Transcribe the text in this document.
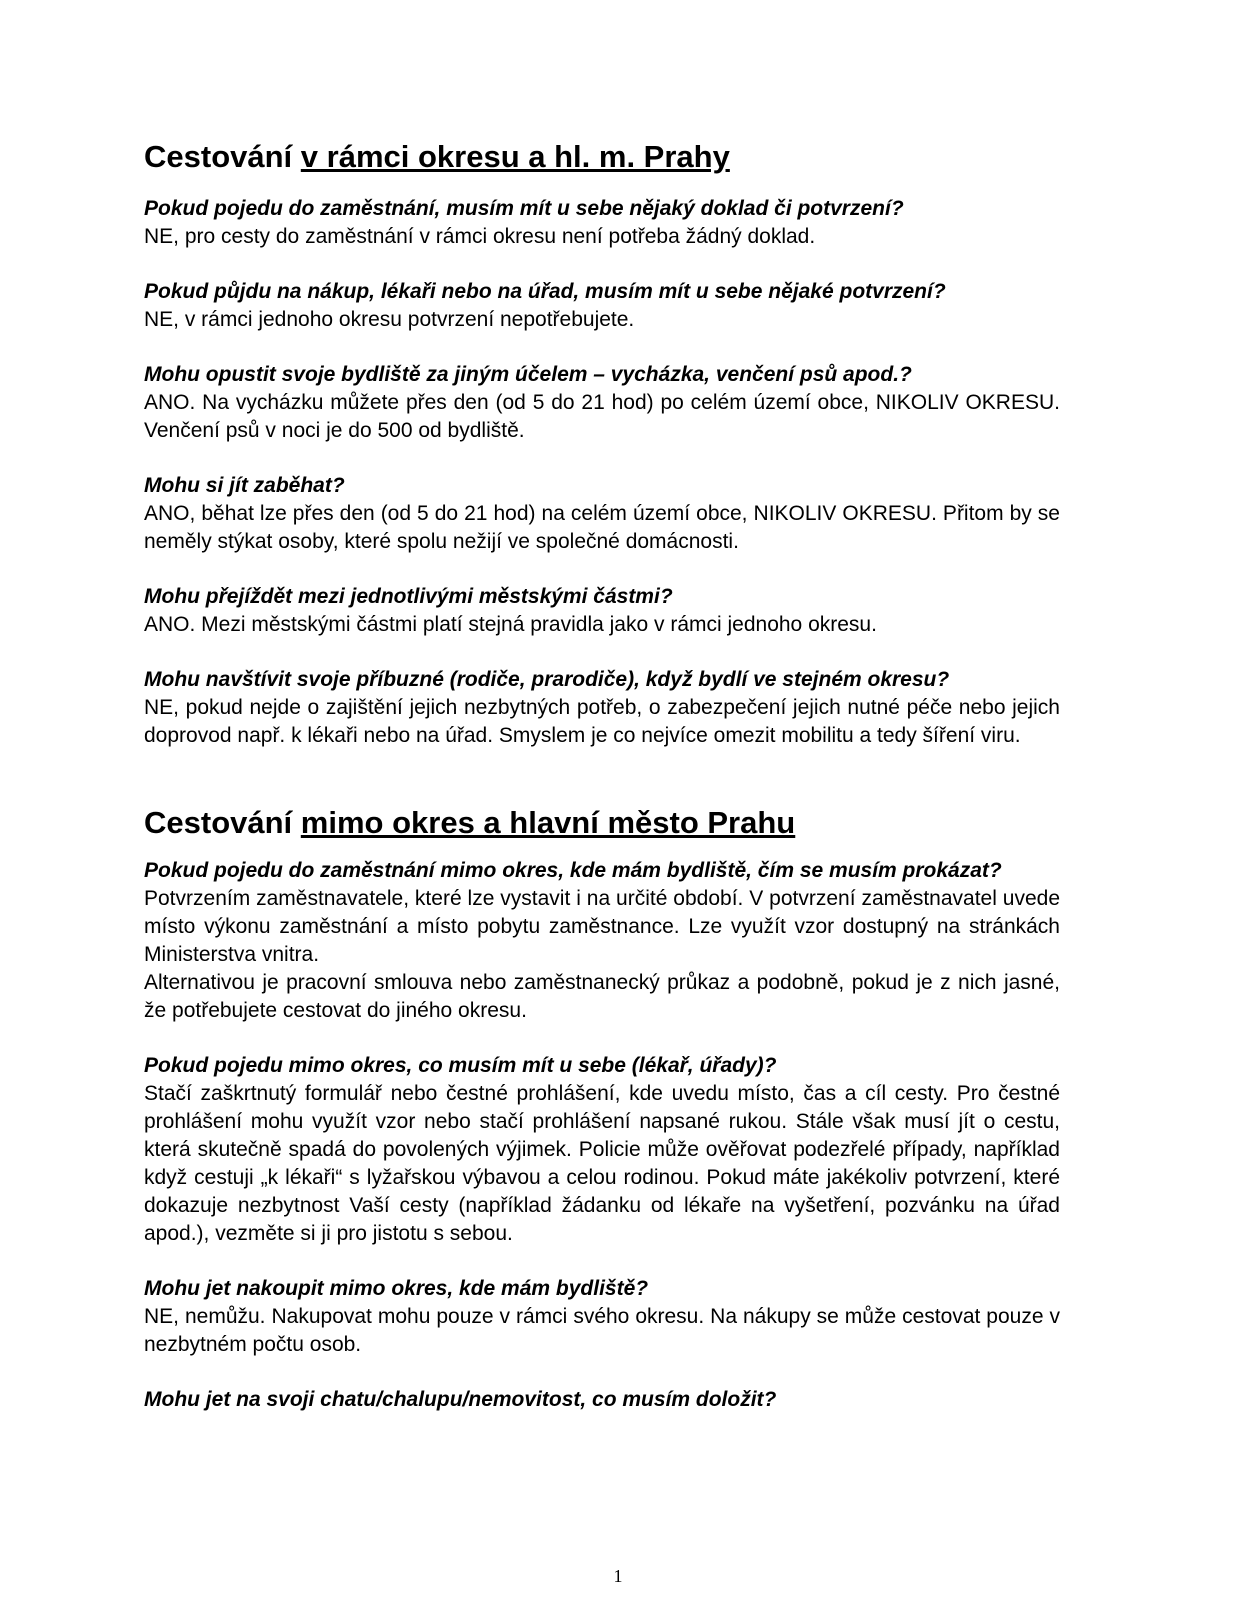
Cestování v rámci okresu a hl. m. Prahy

Pokud pojedu do zaměstnání, musím mít u sebe nějaký doklad či potvrzení?

NE, pro cesty do zaměstnání v rámci okresu není potřeba žádný doklad.

Pokud půjdu na nákup, lékaři nebo na úřad, musím mít u sebe nějaké potvrzení?

NE, v rámci jednoho okresu potvrzení nepotřebujete.

Mohu opustit svoje bydliště za jiným účelem – vycházka, venčení psů apod.?

ANO. Na vycházku můžete přes den (od 5 do 21 hod) po celém území obce, NIKOLIV OKRESU. Venčení psů v noci je do 500 od bydliště.

Mohu si jít zaběhat?

ANO, běhat lze přes den (od 5 do 21 hod) na celém území obce, NIKOLIV OKRESU. Přitom by se neměly stýkat osoby, které spolu nežijí ve společné domácnosti.

Mohu přejíždět mezi jednotlivými městskými částmi?

ANO. Mezi městskými částmi platí stejná pravidla jako v rámci jednoho okresu.

Mohu navštívit svoje příbuzné (rodiče, prarodiče), když bydlí ve stejném okresu?

NE, pokud nejde o zajištění jejich nezbytných potřeb, o zabezpečení jejich nutné péče nebo jejich doprovod např. k lékaři nebo na úřad. Smyslem je co nejvíce omezit mobilitu a tedy šíření viru.

Cestování mimo okres a hlavní město Prahu

Pokud pojedu do zaměstnání mimo okres, kde mám bydliště, čím se musím prokázat?

Potvrzením zaměstnavatele, které lze vystavit i na určité období. V potvrzení zaměstnavatel uvede místo výkonu zaměstnání a místo pobytu zaměstnance. Lze využít vzor dostupný na stránkách Ministerstva vnitra.

Alternativou je pracovní smlouva nebo zaměstnanecký průkaz a podobně, pokud je z nich jasné, že potřebujete cestovat do jiného okresu.

Pokud pojedu mimo okres, co musím mít u sebe (lékař, úřady)?

Stačí zaškrtnutý formulář nebo čestné prohlášení, kde uvedu místo, čas a cíl cesty. Pro čestné prohlášení mohu využít vzor nebo stačí prohlášení napsané rukou. Stále však musí jít o cestu, která skutečně spadá do povolených výjimek. Policie může ověřovat podezřelé případy, například když cestuji „k lékaři“ s lyžařskou výbavou a celou rodinou. Pokud máte jakékoliv potvrzení, které dokazuje nezbytnost Vaší cesty (například žádanku od lékaře na vyšetření, pozvánku na úřad apod.), vezměte si ji pro jistotu s sebou.

Mohu jet nakoupit mimo okres, kde mám bydliště?

NE, nemůžu. Nakupovat mohu pouze v rámci svého okresu. Na nákupy se může cestovat pouze v nezbytném počtu osob.

Mohu jet na svoji chatu/chalupu/nemovitost, co musím doložit?

1
